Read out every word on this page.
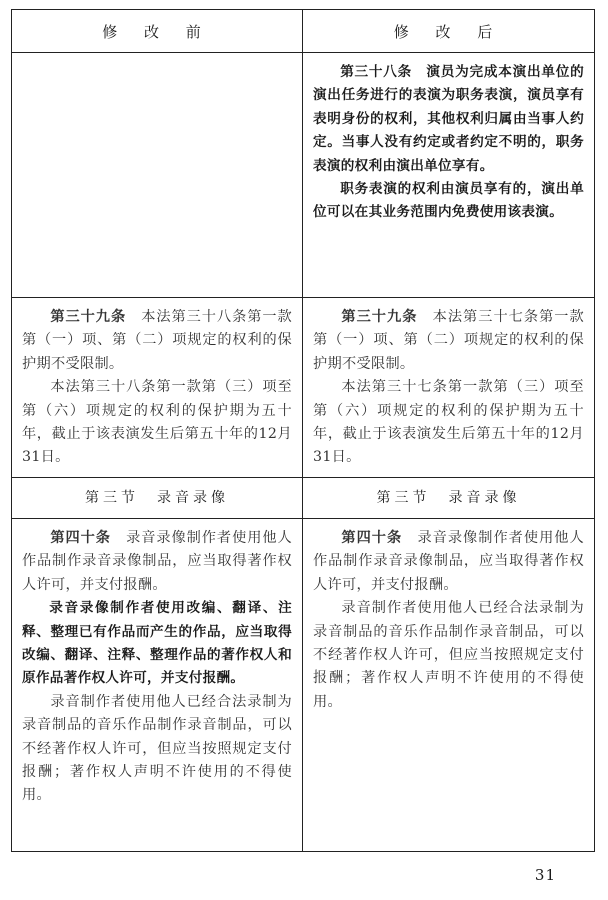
修 改 前	修 改 后

第三十八条　 演员为完成本演出单位的演出任务进行的表演为职务表演，演员享有表明身份的权利，其他权利归属由当事人约定。当事人没有约定或者约定不明的，职务表演的权利由演出单位享有。

职务表演的权利由演员享有的，演出单位可以在其业务范围内免费使用该表演。

第三十九条　 本法第三十八条第一款第（一）项、第（二）项规定的权利的保护期不受限制。

本法第三十八条第一款第（三）项至第（六）项规定的权利的保护期为五十年，截止于该表演发生后第五十年的12月31日。

第三十九条　 本法第三十七条第一款第（一）项、第（二）项规定的权利的保护期不受限制。

本法第三十七条第一款第（三）项至第（六）项规定的权利的保护期为五十年，截止于该表演发生后第五十年的12月31日。

第三节　录音录像	第三节　录音录像

第四十条　 录音录像制作者使用他人作品制作录音录像制品，应当取得著作权人许可，并支付报酬。

录音录像制作者使用改编、翻译、注释、整理已有作品而产生的作品，应当取得改编、翻译、注释、整理作品的著作权人和原作品著作权人许可，并支付报酬。

录音制作者使用他人已经合法录制为录音制品的音乐作品制作录音制品，可以不经著作权人许可，但应当按照规定支付报酬；著作权人声明不许使用的不得使用。

第四十条　 录音录像制作者使用他人作品制作录音录像制品，应当取得著作权人许可，并支付报酬。

录音制作者使用他人已经合法录制为录音制品的音乐作品制作录音制品，可以不经著作权人许可，但应当按照规定支付报酬；著作权人声明不许使用的不得使用。

31
